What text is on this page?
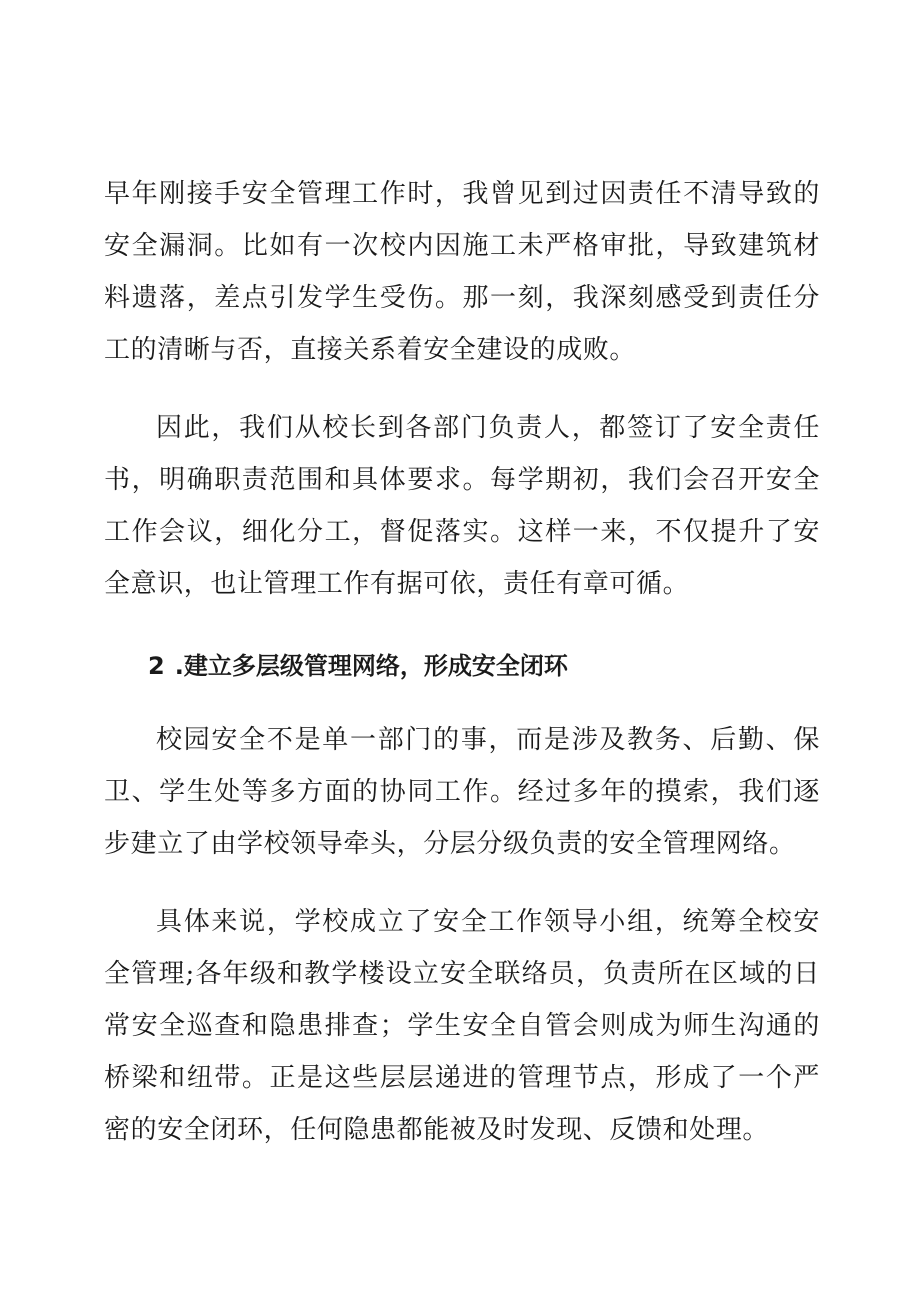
早年刚接手安全管理工作时，我曾见到过因责任不清导致的安全漏洞。比如有一次校内因施工未严格审批，导致建筑材料遗落，差点引发学生受伤。那一刻，我深刻感受到责任分工的清晰与否，直接关系着安全建设的成败。

因此，我们从校长到各部门负责人，都签订了安全责任书，明确职责范围和具体要求。每学期初，我们会召开安全工作会议，细化分工，督促落实。这样一来，不仅提升了安全意识，也让管理工作有据可依，责任有章可循。

2 .建立多层级管理网络，形成安全闭环

校园安全不是单一部门的事，而是涉及教务、后勤、保卫、学生处等多方面的协同工作。经过多年的摸索，我们逐步建立了由学校领导牵头，分层分级负责的安全管理网络。

具体来说，学校成立了安全工作领导小组，统筹全校安全管理;各年级和教学楼设立安全联络员，负责所在区域的日常安全巡查和隐患排查；学生安全自管会则成为师生沟通的桥梁和纽带。正是这些层层递进的管理节点，形成了一个严密的安全闭环，任何隐患都能被及时发现、反馈和处理。
